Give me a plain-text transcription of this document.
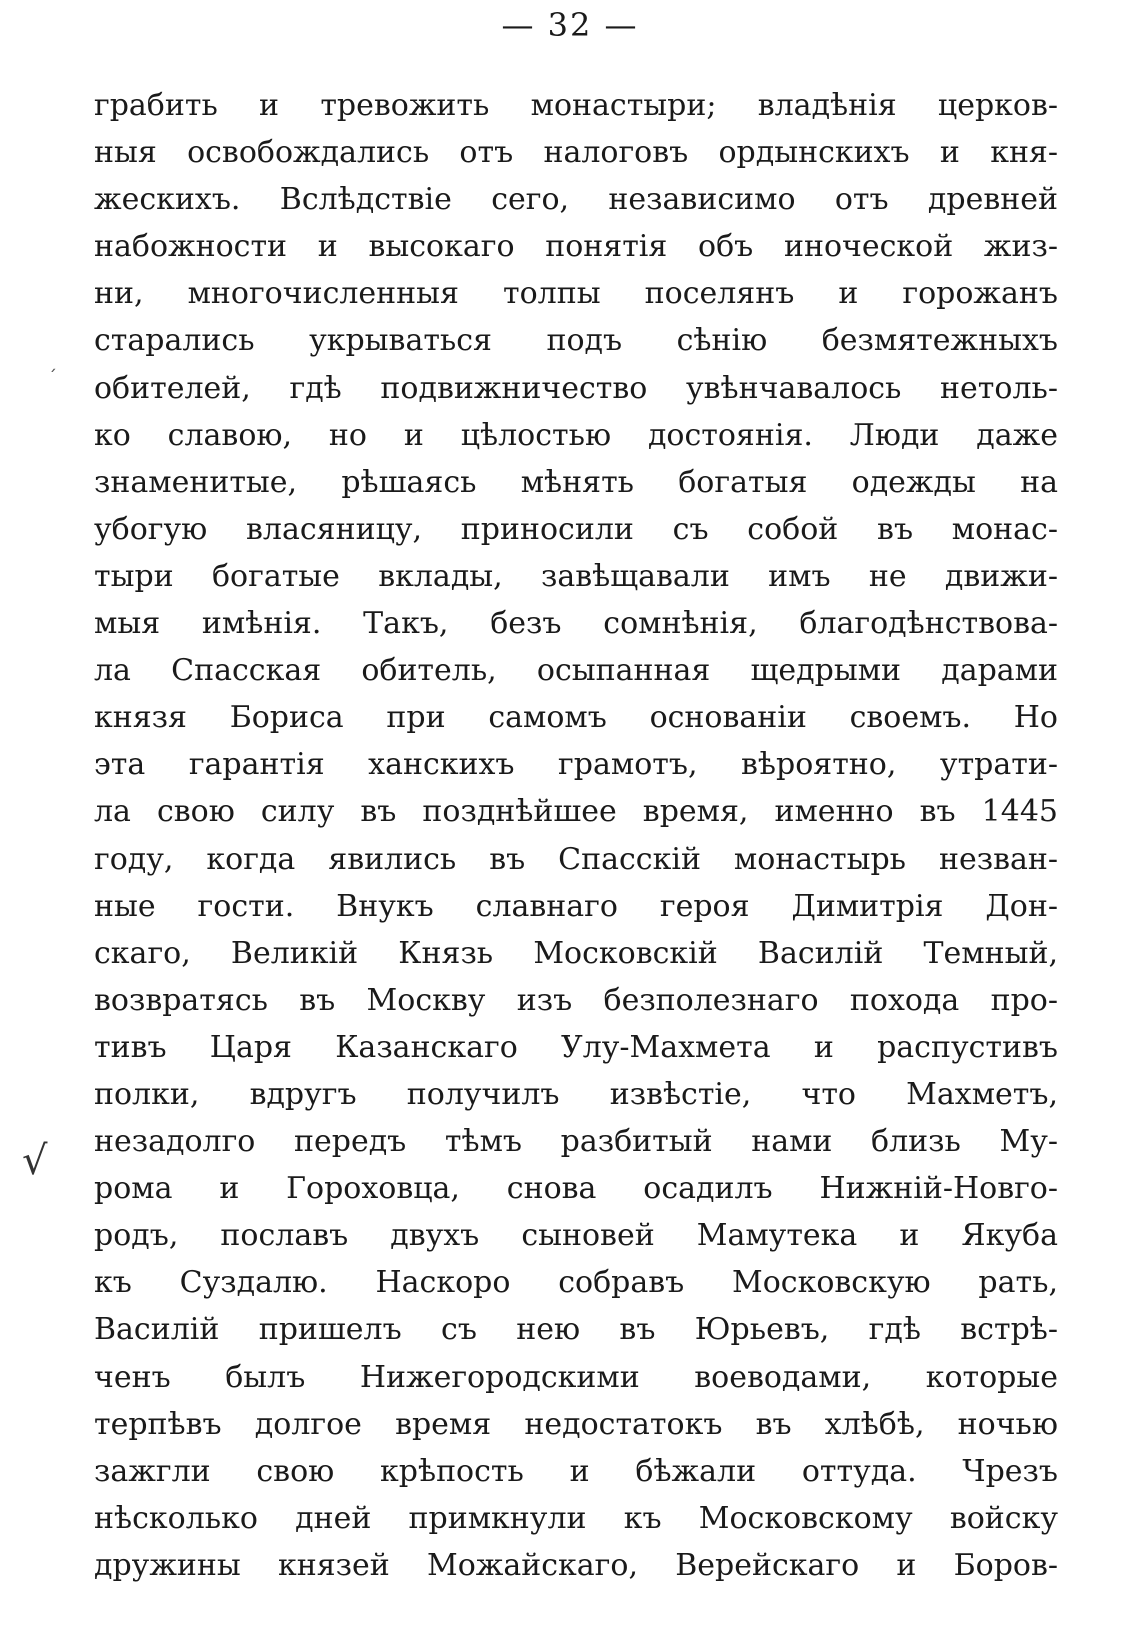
— 32 —
ˏ
√
грабить и тревожить монастыри; владѣнія церков-
ныя освобождались отъ налоговъ ордынскихъ и кня-
жескихъ. Вслѣдствіе сего, независимо отъ древней
набожности и высокаго понятія объ иноческой жиз-
ни, многочисленныя толпы поселянъ и горожанъ
старались укрываться подъ сѣнію безмятежныхъ
обителей, гдѣ подвижничество увѣнчавалось нетоль-
ко славою, но и цѣлостью достоянія. Люди даже
знаменитые, рѣшаясь мѣнять богатыя одежды на
убогую власяницу, приносили съ собой въ монас-
тыри богатые вклады, завѣщавали имъ не движи-
мыя имѣнія. Такъ, безъ сомнѣнія, благодѣнствова-
ла Спасская обитель, осыпанная щедрыми дарами
князя Бориса при самомъ основаніи своемъ. Но
эта гарантія ханскихъ грамотъ, вѣроятно, утрати-
ла свою силу въ позднѣйшее время, именно въ 1445
году, когда явились въ Спасскій монастырь незван-
ные гости. Внукъ славнаго героя Димитрія Дон-
скаго, Великій Князь Московскій Василій Темный,
возвратясь въ Москву изъ безполезнаго похода про-
тивъ Царя Казанскаго Улу-Махмета и распустивъ
полки, вдругъ получилъ извѣстіе, что Махметъ,
незадолго передъ тѣмъ разбитый нами близь Му-
рома и Гороховца, снова осадилъ Нижній-Новго-
родъ, пославъ двухъ сыновей Мамутека и Якуба
къ Суздалю. Наскоро собравъ Московскую рать,
Василій пришелъ съ нею въ Юрьевъ, гдѣ встрѣ-
ченъ былъ Нижегородскими воеводами, которые
терпѣвъ долгое время недостатокъ въ хлѣбѣ, ночью
зажгли свою крѣпость и бѣжали оттуда. Чрезъ
нѣсколько дней примкнули къ Московскому войску
дружины князей Можайскаго, Верейскаго и Боров-
